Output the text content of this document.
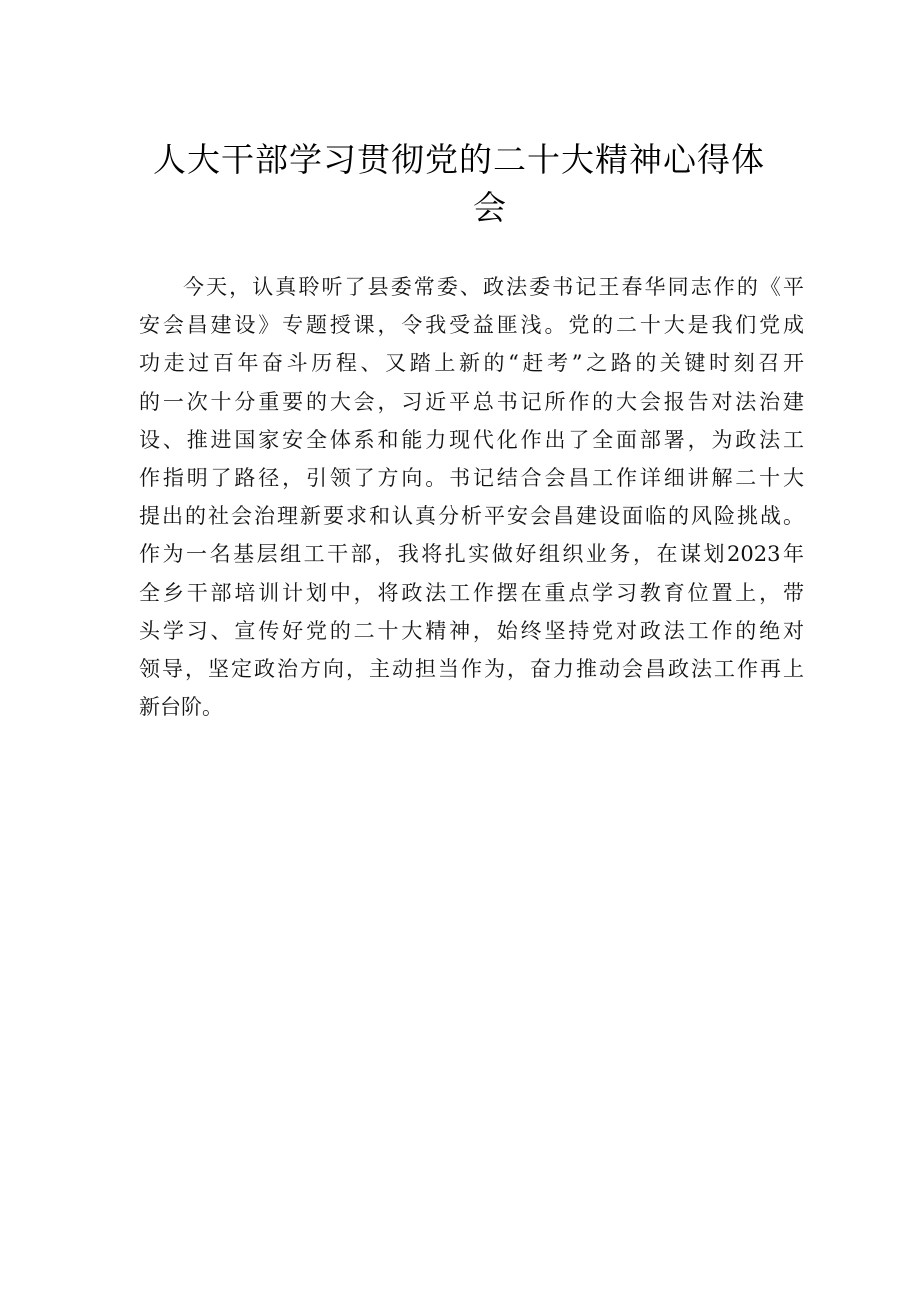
人大干部学习贯彻党的二十大精神心得体
会
今天，认真聆听了县委常委、政法委书记王春华同志作的《平
安会昌建设》专题授课，令我受益匪浅。党的二十大是我们党成
功走过百年奋斗历程、又踏上新的“赶考”之路的关键时刻召开
的一次十分重要的大会，习近平总书记所作的大会报告对法治建
设、推进国家安全体系和能力现代化作出了全面部署，为政法工
作指明了路径，引领了方向。书记结合会昌工作详细讲解二十大
提出的社会治理新要求和认真分析平安会昌建设面临的风险挑战。
作为一名基层组工干部，我将扎实做好组织业务，在谋划2023年
全乡干部培训计划中，将政法工作摆在重点学习教育位置上，带
头学习、宣传好党的二十大精神，始终坚持党对政法工作的绝对
领导，坚定政治方向，主动担当作为，奋力推动会昌政法工作再上
新台阶。
